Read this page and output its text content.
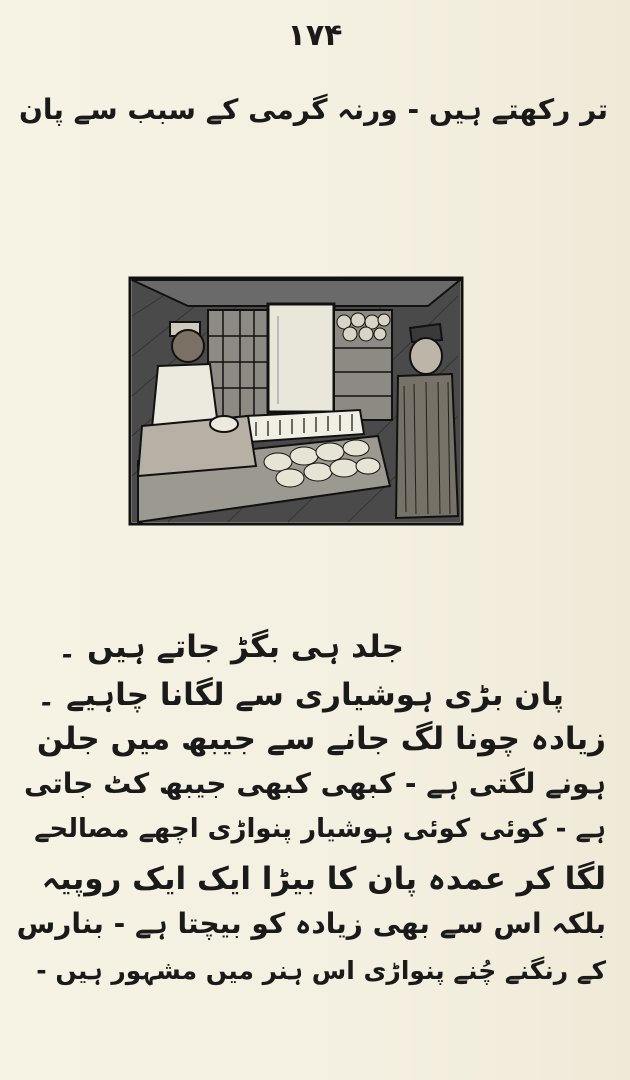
۱۷۴
تر رکھتے ہیں - ورنہ گرمی کے سبب سے پان
جلد ہی بگڑ جاتے ہیں ۔
پان بڑی ہوشیاری سے لگانا چاہیے ۔
زیادہ چونا لگ جانے سے جیبھ میں جلن
ہونے لگتی ہے - کبھی کبھی جیبھ کٹ جاتی
ہے - کوئی کوئی ہوشیار پنواڑی اچھے مصالحے
لگا کر عمدہ پان کا بیڑا ایک ایک روپیہ
بلکہ اس سے بھی زیادہ کو بیچتا ہے - بنارس
کے رنگنے چُنے پنواڑی اس ہنر میں مشہور ہیں -
